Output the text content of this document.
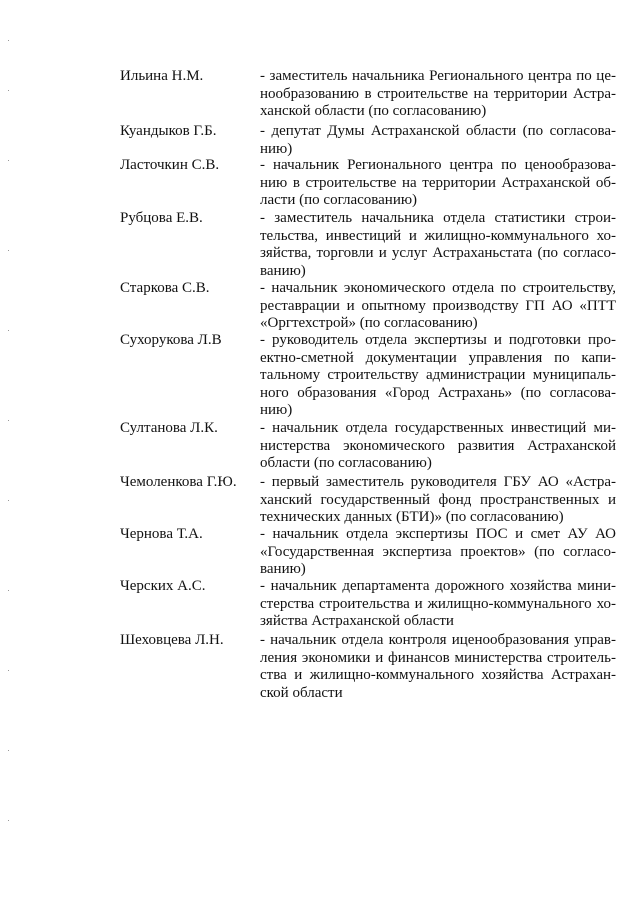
Ильина Н.М.	- заместитель начальника Регионального центра по це-
нообразованию в строительстве на территории Астра-
ханской области (по согласованию)
Куандыков Г.Б.	- депутат Думы Астраханской области (по согласова-
нию)
Ласточкин С.В.	- начальник Регионального центра по ценообразова-
нию в строительстве на территории Астраханской об-
ласти (по согласованию)
Рубцова Е.В.	- заместитель начальника отдела статистики строи-
тельства, инвестиций и жилищно-коммунального хо-
зяйства, торговли и услуг Астраханьстата (по согласо-
ванию)
Старкова С.В.	- начальник экономического отдела по строительству,
реставрации и опытному производству ГП АО «ПТТ
«Оргтехстрой» (по согласованию)
Сухорукова Л.В	- руководитель отдела экспертизы и подготовки про-
ектно-сметной документации управления по капи-
тальному строительству администрации муниципаль-
ного образования «Город Астрахань» (по согласова-
нию)
Султанова Л.К.	- начальник отдела государственных инвестиций ми-
нистерства экономического развития Астраханской
области (по согласованию)
Чемоленкова Г.Ю. - первый заместитель руководителя ГБУ АО «Астра-
ханский государственный фонд пространственных и
технических данных (БТИ)» (по согласованию)
Чернова Т.А.	- начальник отдела экспертизы ПОС и смет АУ АО
«Государственная экспертиза проектов» (по согласо-
ванию)
Черских А.С.	- начальник департамента дорожного хозяйства мини-
стерства строительства и жилищно-коммунального хо-
зяйства Астраханской области
Шеховцева Л.Н. - начальник отдела контроля иценообразования управ-
ления экономики и финансов министерства строитель-
ства и жилищно-коммунального хозяйства Астрахан-
ской области
